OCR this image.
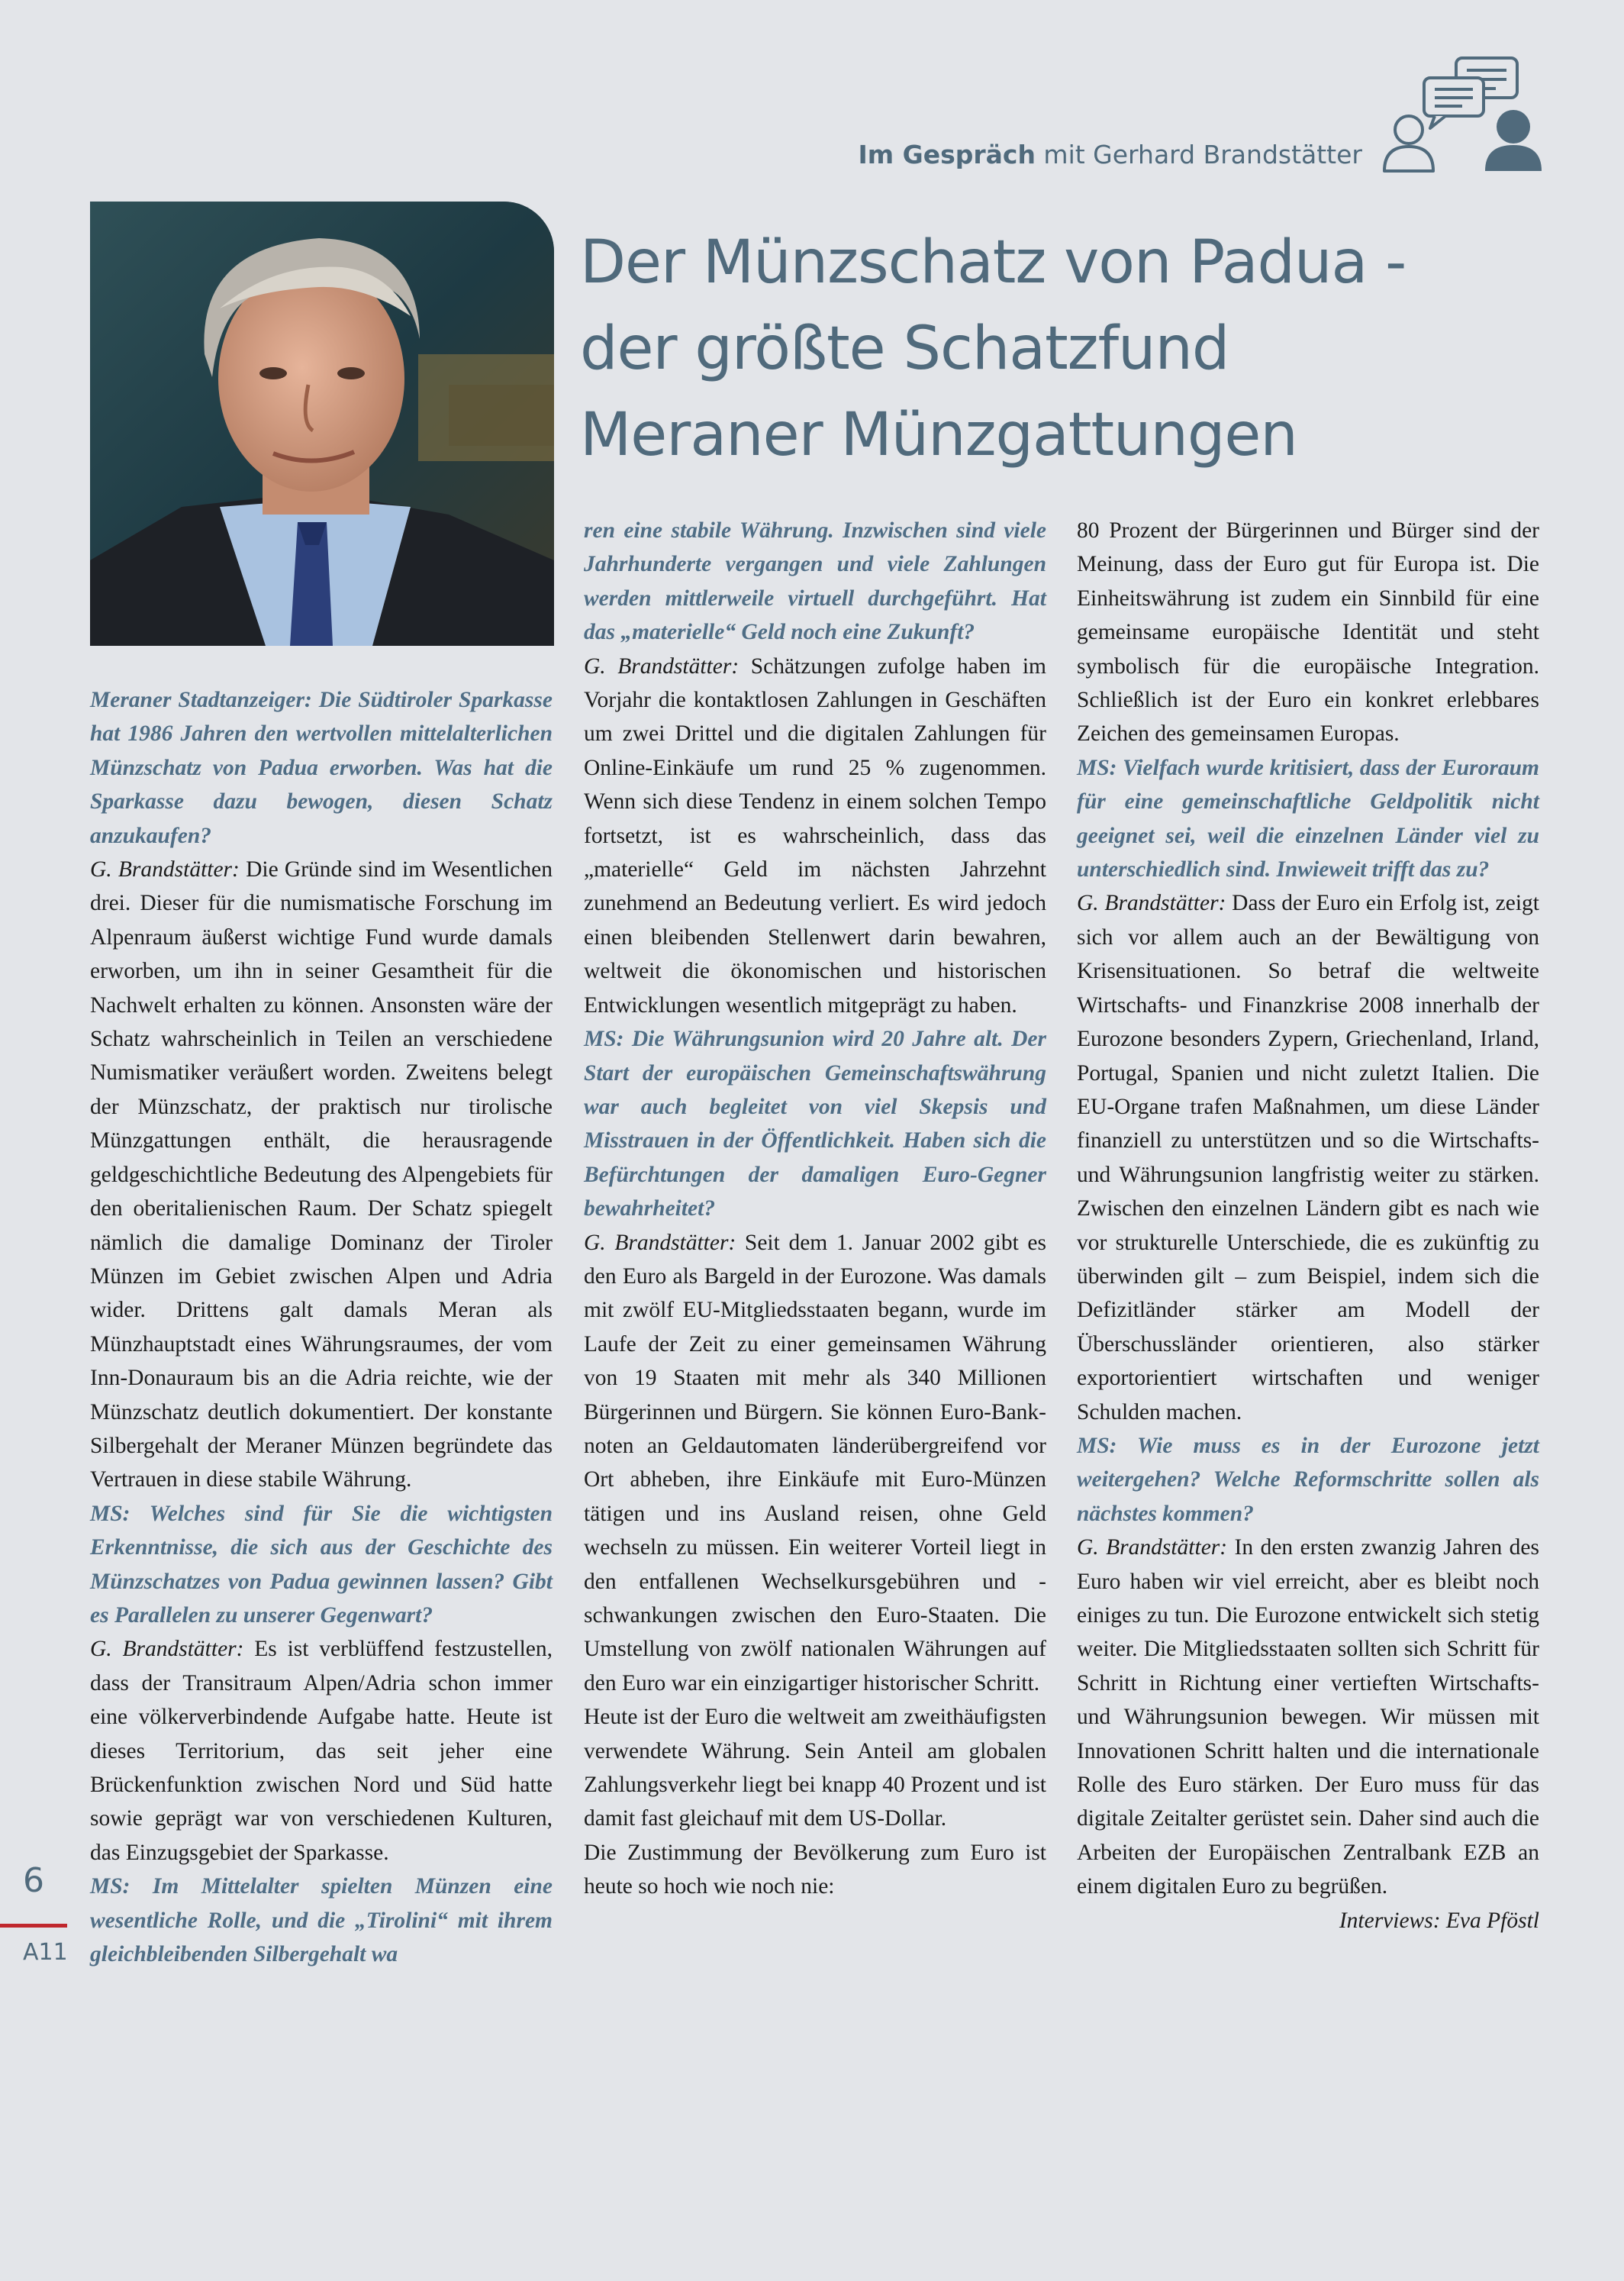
Im Gespräch mit Gerhard Brandstätter
Der Münzschatz von Padua -
der größte Schatzfund
Meraner Münzgattungen

Meraner Stadtanzeiger: Die Südtiroler Sparkasse hat 1986 Jahren den wertvollen mittelalterlichen Münzschatz von Padua erworben. Was hat die Sparkasse dazu bewogen, diesen Schatz anzukaufen?

G. Brandstätter: Die Gründe sind im Wesentlichen drei. Dieser für die numismatische Forschung im Alpenraum äußerst wichtige Fund wurde damals erworben, um ihn in seiner Gesamtheit für die Nachwelt erhalten zu können. Ansonsten wäre der Schatz wahrscheinlich in Teilen an verschiedene Numismatiker veräußert worden. Zweitens belegt der Münzschatz, der praktisch nur tirolische Münzgattungen enthält, die herausragende geldgeschichtliche Bedeutung des Alpengebiets für den oberitalienischen Raum. Der Schatz spiegelt nämlich die damalige Dominanz der Tiroler Münzen im Gebiet zwischen Alpen und Adria wider. Drittens galt damals Meran als Münzhauptstadt eines Währungsraumes, der vom Inn-Donauraum bis an die Adria reichte, wie der Münzschatz deutlich dokumentiert. Der konstante Silbergehalt der Meraner Münzen begründete das Vertrauen in diese stabile Währung.

MS: Welches sind für Sie die wichtigsten Erkenntnisse, die sich aus der Geschichte des Münzschatzes von Padua gewinnen lassen? Gibt es Parallelen zu unserer Gegenwart?

G. Brandstätter: Es ist verblüffend festzustellen, dass der Transitraum Alpen/Adria schon immer eine völkerverbindende Aufgabe hatte. Heute ist dieses Territorium, das seit jeher eine Brückenfunktion zwischen Nord und Süd hatte sowie geprägt war von verschiedenen Kulturen, das Einzugsgebiet der Sparkasse.

MS: Im Mittelalter spielten Münzen eine wesentliche Rolle, und die „Tirolini“ mit ihrem gleichbleibenden Silbergehalt wa

ren eine stabile Währung. Inzwischen sind viele Jahrhunderte vergangen und viele Zahlungen werden mittlerweile virtuell durchgeführt. Hat das „materielle“ Geld noch eine Zukunft?

G. Brandstätter: Schätzungen zufolge haben im Vorjahr die kontaktlosen Zahlungen in Geschäften um zwei Drittel und die digitalen Zahlungen für Online-Einkäufe um rund 25 % zugenommen. Wenn sich diese Tendenz in einem solchen Tempo fortsetzt, ist es wahrscheinlich, dass das „materielle“ Geld im nächsten Jahrzehnt zunehmend an Bedeutung verliert. Es wird jedoch einen bleibenden Stellenwert darin bewahren, weltweit die ökonomischen und historischen Entwicklungen wesentlich mitgeprägt zu haben.

MS: Die Währungsunion wird 20 Jahre alt. Der Start der europäischen Gemeinschaftswährung war auch begleitet von viel Skepsis und Misstrauen in der Öffentlichkeit. Haben sich die Befürchtungen der damaligen Euro-Gegner bewahrheitet?

G. Brandstätter: Seit dem 1. Januar 2002 gibt es den Euro als Bargeld in der Eurozone. Was damals mit zwölf EU-Mitgliedsstaaten begann, wurde im Laufe der Zeit zu einer gemeinsamen Währung von 19 Staaten mit mehr als 340 Millionen Bürgerinnen und Bürgern. Sie können Euro-Banknoten an Geldautomaten länderübergreifend vor Ort abheben, ihre Einkäufe mit Euro-Münzen tätigen und ins Ausland reisen, ohne Geld wechseln zu müssen. Ein weiterer Vorteil liegt in den entfallenen Wechselkursgebühren und -schwankungen zwischen den Euro-Staaten. Die Umstellung von zwölf nationalen Währungen auf den Euro war ein einzigartiger historischer Schritt.

Heute ist der Euro die weltweit am zweithäufigsten verwendete Währung. Sein Anteil am globalen Zahlungsverkehr liegt bei knapp 40 Prozent und ist damit fast gleichauf mit dem US-Dollar.

Die Zustimmung der Bevölkerung zum Euro ist heute so hoch wie noch nie:

80 Prozent der Bürgerinnen und Bürger sind der Meinung, dass der Euro gut für Europa ist. Die Einheitswährung ist zudem ein Sinnbild für eine gemeinsame europäische Identität und steht symbolisch für die europäische Integration. Schließlich ist der Euro ein konkret erlebbares Zeichen des gemeinsamen Europas.

MS: Vielfach wurde kritisiert, dass der Euroraum für eine gemeinschaftliche Geldpolitik nicht geeignet sei, weil die einzelnen Länder viel zu unterschiedlich sind. Inwieweit trifft das zu?

G. Brandstätter: Dass der Euro ein Erfolg ist, zeigt sich vor allem auch an der Bewältigung von Krisensituationen. So betraf die weltweite Wirtschafts- und Finanzkrise 2008 innerhalb der Eurozone besonders Zypern, Griechenland, Irland, Portugal, Spanien und nicht zuletzt Italien. Die EU-Organe trafen Maßnahmen, um diese Länder finanziell zu unterstützen und so die Wirtschafts- und Währungsunion langfristig weiter zu stärken. Zwischen den einzelnen Ländern gibt es nach wie vor strukturelle Unterschiede, die es zukünftig zu überwinden gilt – zum Beispiel, indem sich die Defizitländer stärker am Modell der Überschussländer orientieren, also stärker exportorientiert wirtschaften und weniger Schulden machen.

MS: Wie muss es in der Eurozone jetzt weitergehen? Welche Reformschritte sollen als nächstes kommen?

G. Brandstätter: In den ersten zwanzig Jahren des Euro haben wir viel erreicht, aber es bleibt noch einiges zu tun. Die Eurozone entwickelt sich stetig weiter. Die Mitgliedsstaaten sollten sich Schritt für Schritt in Richtung einer vertieften Wirtschafts- und Währungsunion bewegen. Wir müssen mit Innovationen Schritt halten und die internationale Rolle des Euro stärken. Der Euro muss für das digitale Zeitalter gerüstet sein. Daher sind auch die Arbeiten der Europäischen Zentralbank EZB an einem digitalen Euro zu begrüßen.

Interviews: Eva Pföstl

6
A11
